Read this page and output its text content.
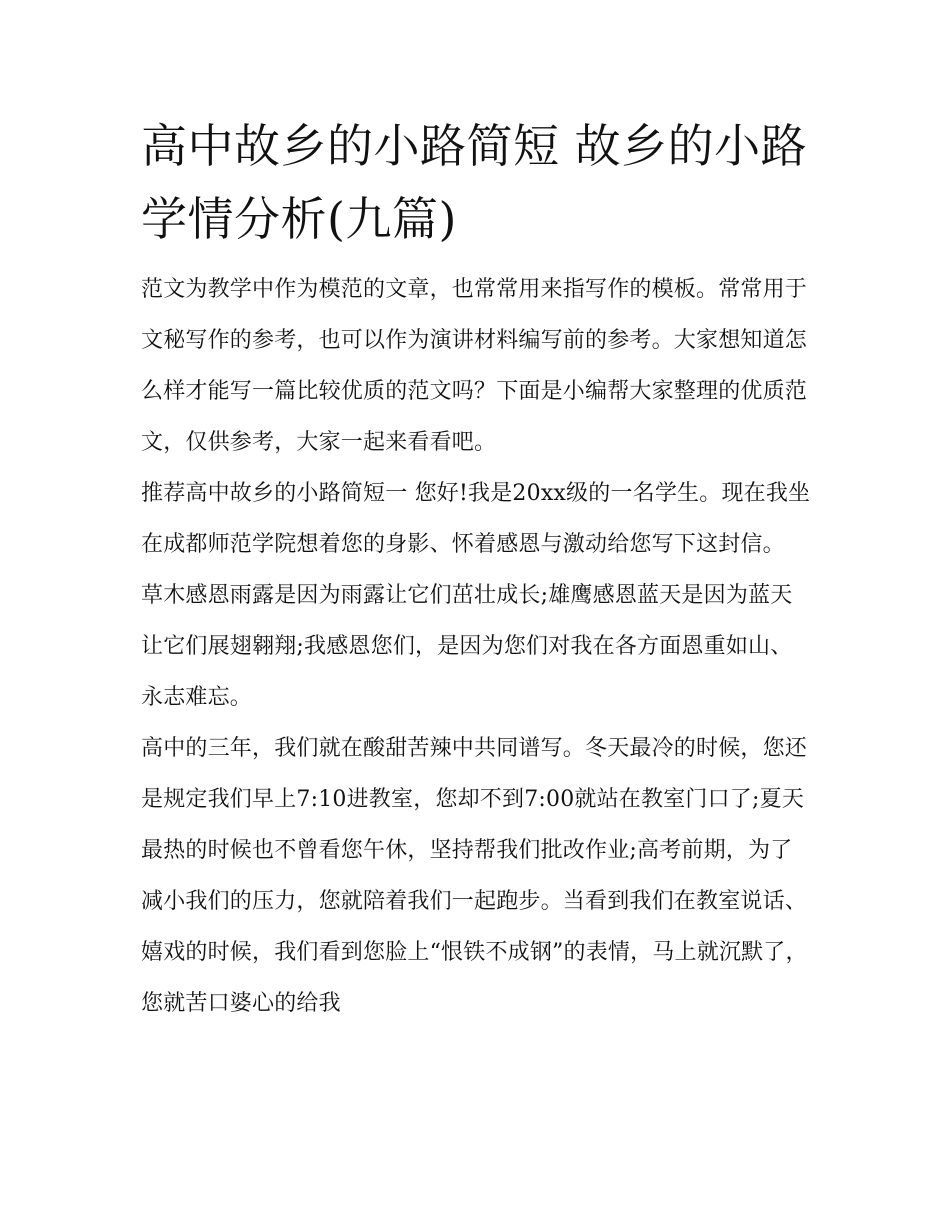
高中故乡的小路简短 故乡的小路学情分析(九篇)

范文为教学中作为模范的文章，也常常用来指写作的模板。常常用于文秘写作的参考，也可以作为演讲材料编写前的参考。大家想知道怎么样才能写一篇比较优质的范文吗？下面是小编帮大家整理的优质范文，仅供参考，大家一起来看看吧。

推荐高中故乡的小路简短一 您好!我是20xx级的一名学生。现在我坐在成都师范学院想着您的身影、怀着感恩与激动给您写下这封信。

草木感恩雨露是因为雨露让它们茁壮成长;雄鹰感恩蓝天是因为蓝天让它们展翅翱翔;我感恩您们，是因为您们对我在各方面恩重如山、永志难忘。

高中的三年，我们就在酸甜苦辣中共同谱写。冬天最冷的时候，您还是规定我们早上7:10进教室，您却不到7:00就站在教室门口了;夏天最热的时候也不曾看您午休，坚持帮我们批改作业;高考前期，为了减小我们的压力，您就陪着我们一起跑步。当看到我们在教室说话、嬉戏的时候，我们看到您脸上“恨铁不成钢”的表情，马上就沉默了，您就苦口婆心的给我
